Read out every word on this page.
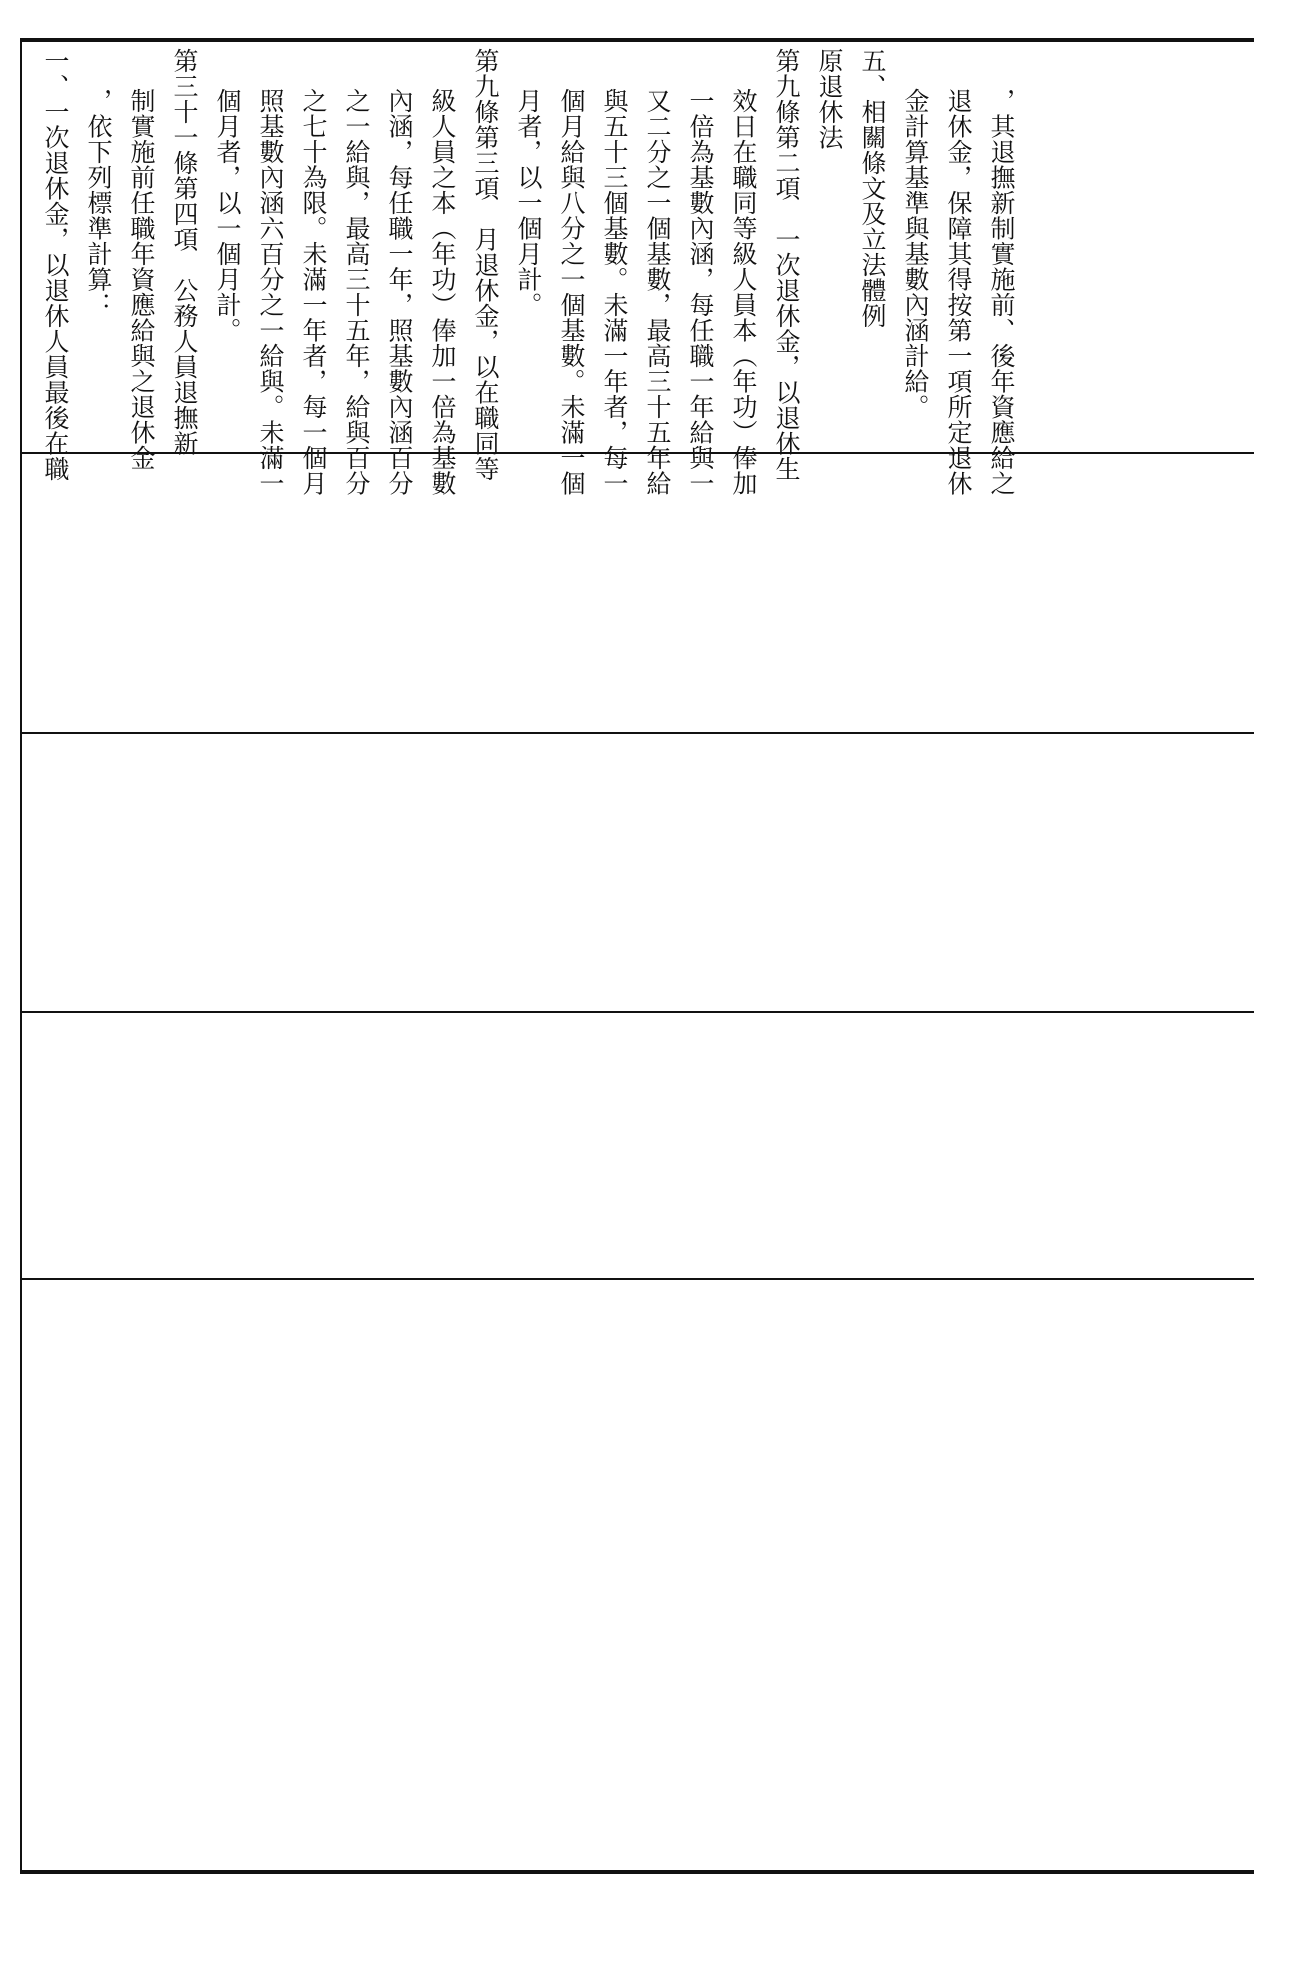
一、一次退休金，以退休人員最後在職 ，依下列標準計算： 制實施前任職年資應給與之退休金 第三十一條第四項　公務人員退撫新 個月者，以一個月計。 照基數內涵六百分之一給與。未滿一 之七十為限。未滿一年者，每一個月 之一給與，最高三十五年，給與百分 內涵，每任職一年，照基數內涵百分 級人員之本（年功）俸加一倍為基數 第九條第三項　月退休金，以在職同等 月者，以一個月計。 個月給與八分之一個基數。未滿一個 與五十三個基數。未滿一年者，每一 又二分之一個基數，最高三十五年給 一倍為基數內涵，每任職一年給與一 效日在職同等級人員本（年功）俸加 第九條第二項　一次退休金，以退休生 原退休法 五、相關條文及立法體例 金計算基準與基數內涵計給。 退休金，保障其得按第一項所定退休 ，其退撫新制實施前、後年資應給之
